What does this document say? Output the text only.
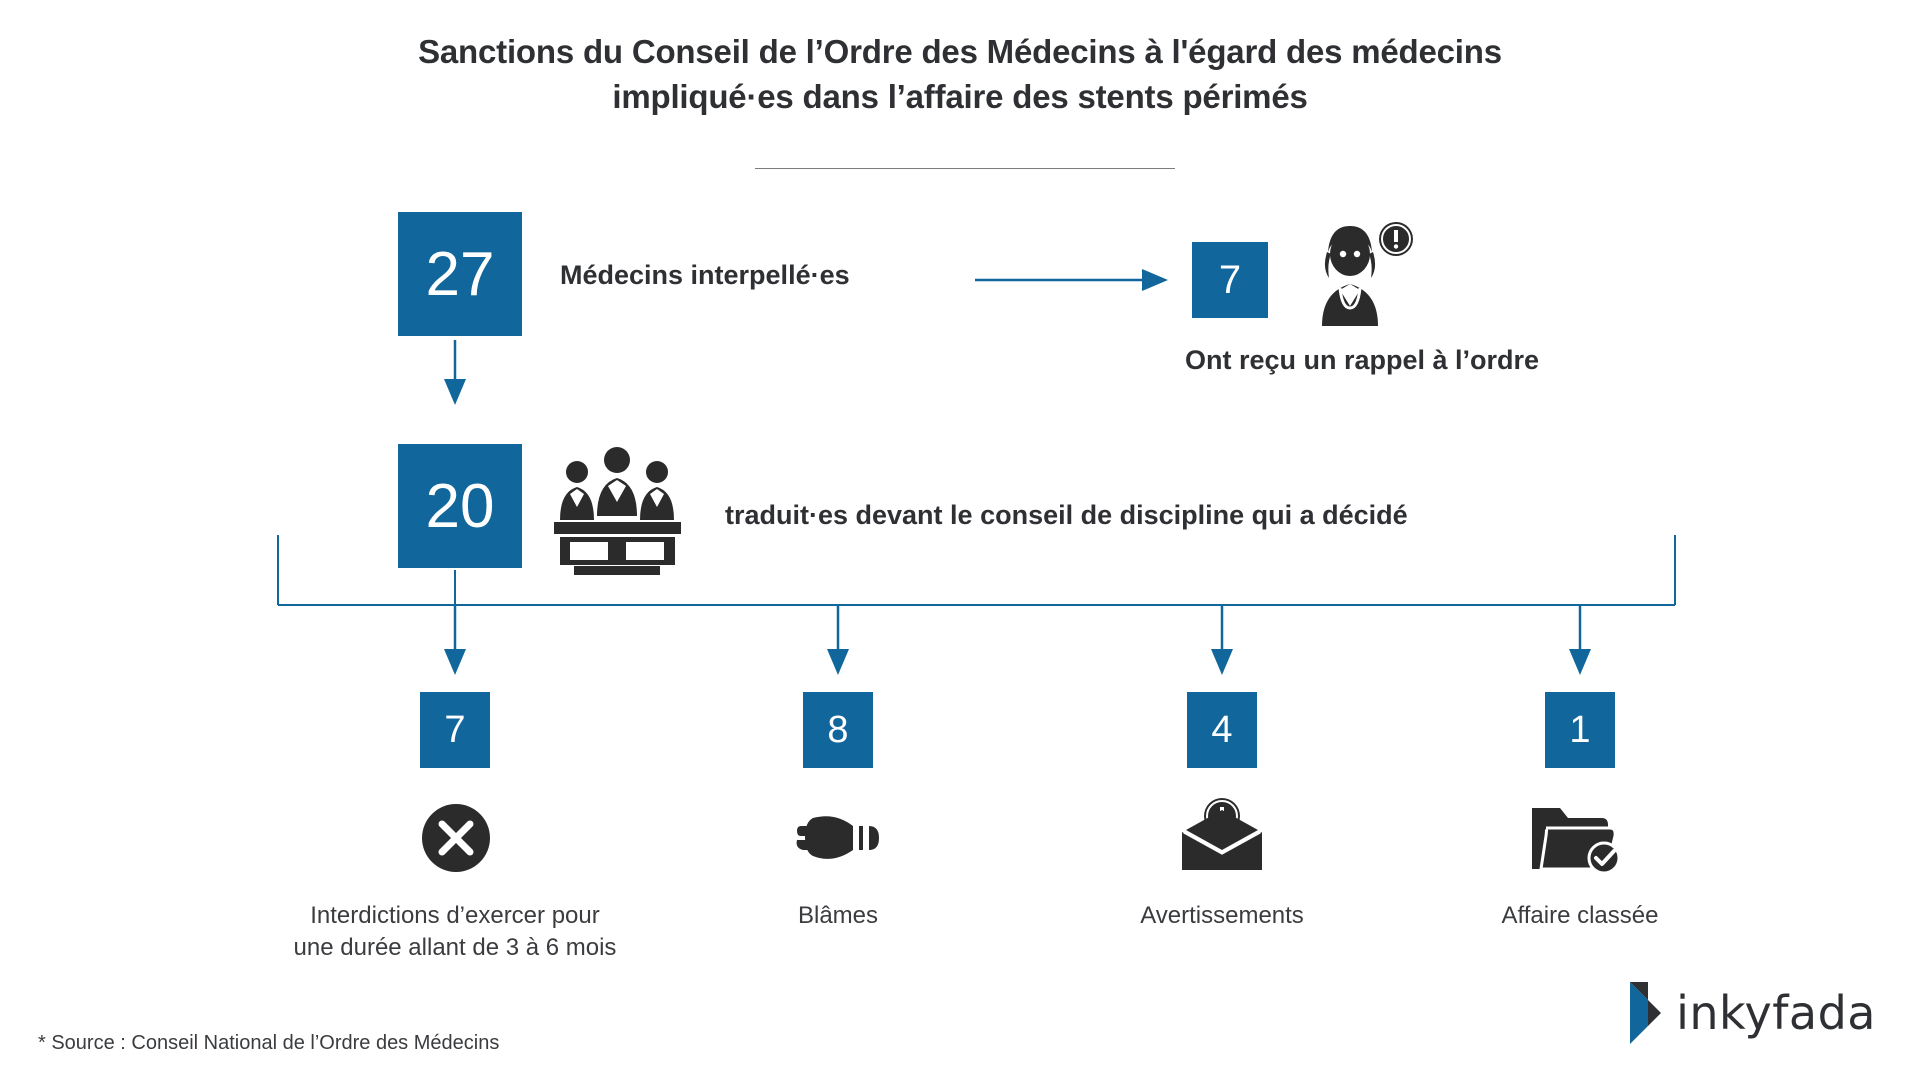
Sanctions du Conseil de l’Ordre des Médecins à l'égard des médecins
impliqué·es dans l’affaire des stents périmés
27 Médecins interpellé·es	7
Ont reçu un rappel à l’ordre
20	traduit·es devant le conseil de discipline qui a décidé
7
Interdictions d’exercer pour
une durée allant de 3 à 6 mois
8
Blâmes
4
Avertissements
1
Affaire classée
* Source : Conseil National de l’Ordre des Médecins
inkyfada
